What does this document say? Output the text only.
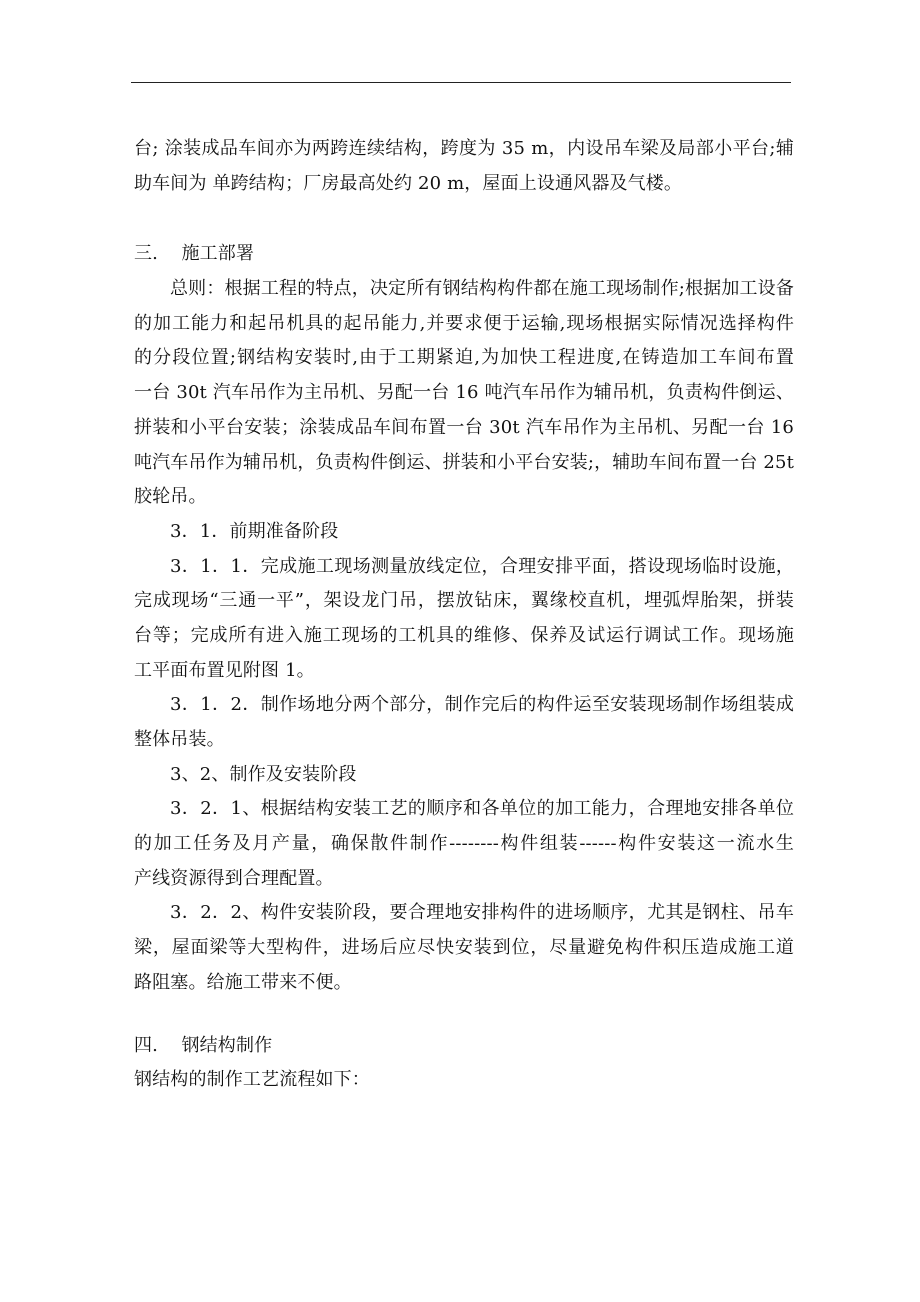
台; 涂装成品车间亦为两跨连续结构，跨度为 35 m，内设吊车梁及局部小平台;辅
助车间为 单跨结构；厂房最高处约 20 m，屋面上设通风器及气楼。
三.    施工部署
总则：根据工程的特点，决定所有钢结构构件都在施工现场制作;根据加工设备
的加工能力和起吊机具的起吊能力,并要求便于运输,现场根据实际情况选择构件
的分段位置;钢结构安装时,由于工期紧迫,为加快工程进度,在铸造加工车间布置
一台 30t 汽车吊作为主吊机、另配一台 16 吨汽车吊作为辅吊机，负责构件倒运、
拼装和小平台安装；涂装成品车间布置一台 30t 汽车吊作为主吊机、另配一台 16
吨汽车吊作为辅吊机，负责构件倒运、拼装和小平台安装;，辅助车间布置一台 25t
胶轮吊。
3．1．前期准备阶段
3．1．1．完成施工现场测量放线定位，合理安排平面，搭设现场临时设施，
完成现场“三通一平”，架设龙门吊，摆放钻床，翼缘校直机，埋弧焊胎架，拼装
台等；完成所有进入施工现场的工机具的维修、保养及试运行调试工作。现场施
工平面布置见附图 1。
3．1．2．制作场地分两个部分，制作完后的构件运至安装现场制作场组装成
整体吊装。
3、2、制作及安装阶段
3．2．1、根据结构安装工艺的顺序和各单位的加工能力，合理地安排各单位
的加工任务及月产量，确保散件制作--------构件组装------构件安装这一流水生
产线资源得到合理配置。
3．2．2、构件安装阶段，要合理地安排构件的进场顺序，尤其是钢柱、吊车
梁，屋面梁等大型构件，进场后应尽快安装到位，尽量避免构件积压造成施工道
路阻塞。给施工带来不便。
四.    钢结构制作
钢结构的制作工艺流程如下：
